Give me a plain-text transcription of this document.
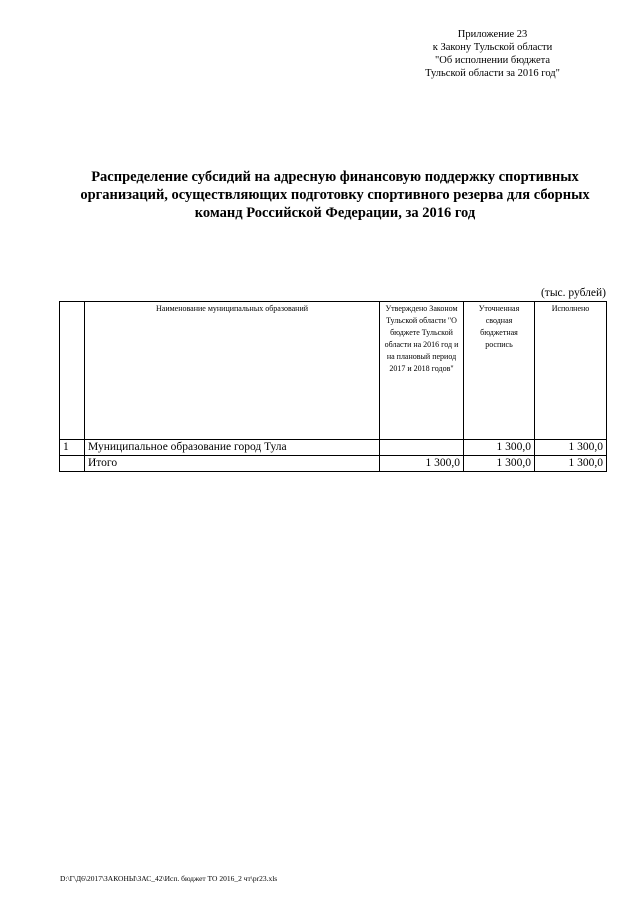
Приложение 23
к Закону Тульской области
"Об исполнении бюджета
Тульской области за 2016 год"
Распределение субсидий на адресную финансовую поддержку спортивных
организаций, осуществляющих подготовку спортивного резерва для сборных
команд Российской Федерации, за 2016 год
(тыс. рублей)
	Наименование муниципальных образований	Утверждено Законом Тульской области "О бюджете Тульской области на 2016 год и на плановый период 2017 и 2018 годов"	Уточненная сводная бюджетная роспись	Исполнено
1	Муниципальное образование город Тула		1 300,0	1 300,0
	Итого	1 300,0	1 300,0	1 300,0
D:\Г\Д6\2017\ЗАКОНЫ\ЗАС_42\Исп. бюджет ТО 2016_2 чт\pr23.xls
